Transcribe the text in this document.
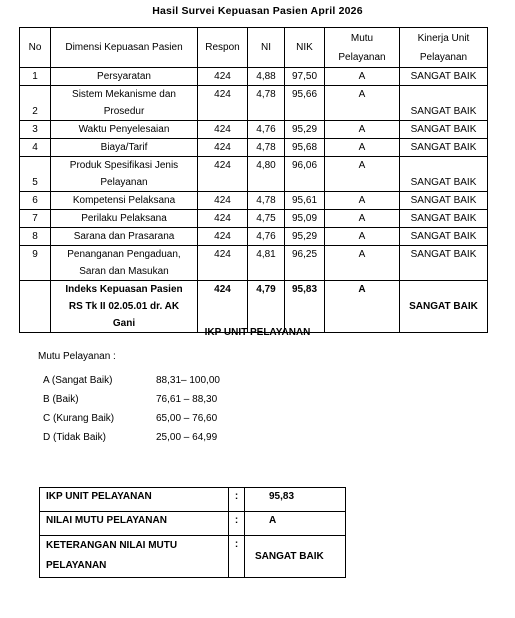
Hasil Survei Kepuasan Pasien April 2026
No	Dimensi Kepuasan Pasien	Respon	NI	NIK	Mutu
Pelayanan	Kinerja Unit
Pelayanan
1	Persyaratan	424	4,88	97,50	A	SANGAT BAIK
2	Sistem Mekanisme dan
Prosedur	424	4,78	95,66	A	SANGAT BAIK
3	Waktu Penyelesaian	424	4,76	95,29	A	SANGAT BAIK
4	Biaya/Tarif	424	4,78	95,68	A	SANGAT BAIK
5	Produk Spesifikasi Jenis
Pelayanan	424	4,80	96,06	A	SANGAT BAIK
6	Kompetensi Pelaksana	424	4,78	95,61	A	SANGAT BAIK
7	Perilaku Pelaksana	424	4,75	95,09	A	SANGAT BAIK
8	Sarana dan Prasarana	424	4,76	95,29	A	SANGAT BAIK
9	Penanganan Pengaduan,
Saran dan Masukan	424	4,81	96,25	A	SANGAT BAIK
	Indeks Kepuasan Pasien
RS Tk II 02.05.01 dr. AK
Gani	424	4,79	95,83	A	SANGAT BAIK
IKP UNIT PELAYANAN
Mutu Pelayanan :
A (Sangat Baik)	88,31– 100,00
B (Baik)	76,61 – 88,30
C (Kurang Baik)	65,00 – 76,60
D (Tidak Baik)	25,00 – 64,99
IKP UNIT PELAYANAN	:	95,83
NILAI MUTU PELAYANAN	:	A
KETERANGAN NILAI MUTU
PELAYANAN	:	SANGAT BAIK
